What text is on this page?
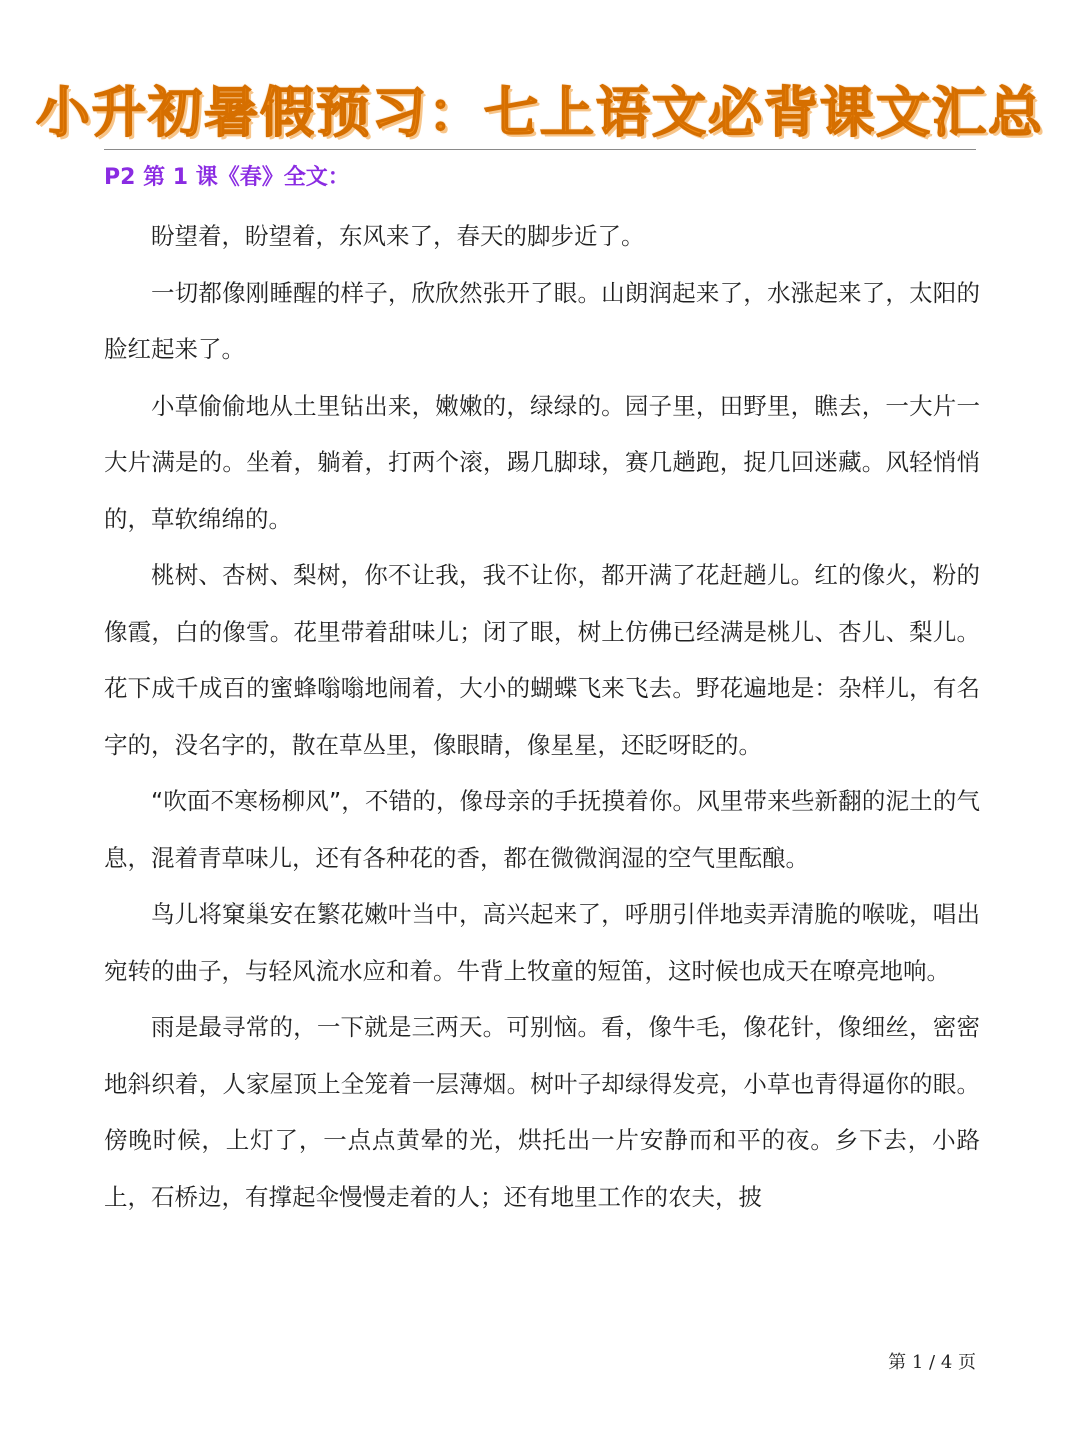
小升初暑假预习：七上语文必背课文汇总
P2 第 1 课《春》全文：

盼望着，盼望着，东风来了，春天的脚步近了。

一切都像刚睡醒的样子，欣欣然张开了眼。山朗润起来了，水涨起来了，太阳的脸红起来了。

小草偷偷地从土里钻出来，嫩嫩的，绿绿的。园子里，田野里，瞧去，一大片一大片满是的。坐着，躺着，打两个滚，踢几脚球，赛几趟跑，捉几回迷藏。风轻悄悄的，草软绵绵的。

桃树、杏树、梨树，你不让我，我不让你，都开满了花赶趟儿。红的像火，粉的像霞，白的像雪。花里带着甜味儿；闭了眼，树上仿佛已经满是桃儿、杏儿、梨儿。花下成千成百的蜜蜂嗡嗡地闹着，大小的蝴蝶飞来飞去。野花遍地是：杂样儿，有名字的，没名字的，散在草丛里，像眼睛，像星星，还眨呀眨的。

“吹面不寒杨柳风”，不错的，像母亲的手抚摸着你。风里带来些新翻的泥土的气息，混着青草味儿，还有各种花的香，都在微微润湿的空气里酝酿。

鸟儿将窠巢安在繁花嫩叶当中，高兴起来了，呼朋引伴地卖弄清脆的喉咙，唱出宛转的曲子，与轻风流水应和着。牛背上牧童的短笛，这时候也成天在嘹亮地响。

雨是最寻常的，一下就是三两天。可别恼。看，像牛毛，像花针，像细丝，密密地斜织着，人家屋顶上全笼着一层薄烟。树叶子却绿得发亮，小草也青得逼你的眼。傍晚时候，上灯了，一点点黄晕的光，烘托出一片安静而和平的夜。乡下去，小路上，石桥边，有撑起伞慢慢走着的人；还有地里工作的农夫，披

第 1 / 4 页
